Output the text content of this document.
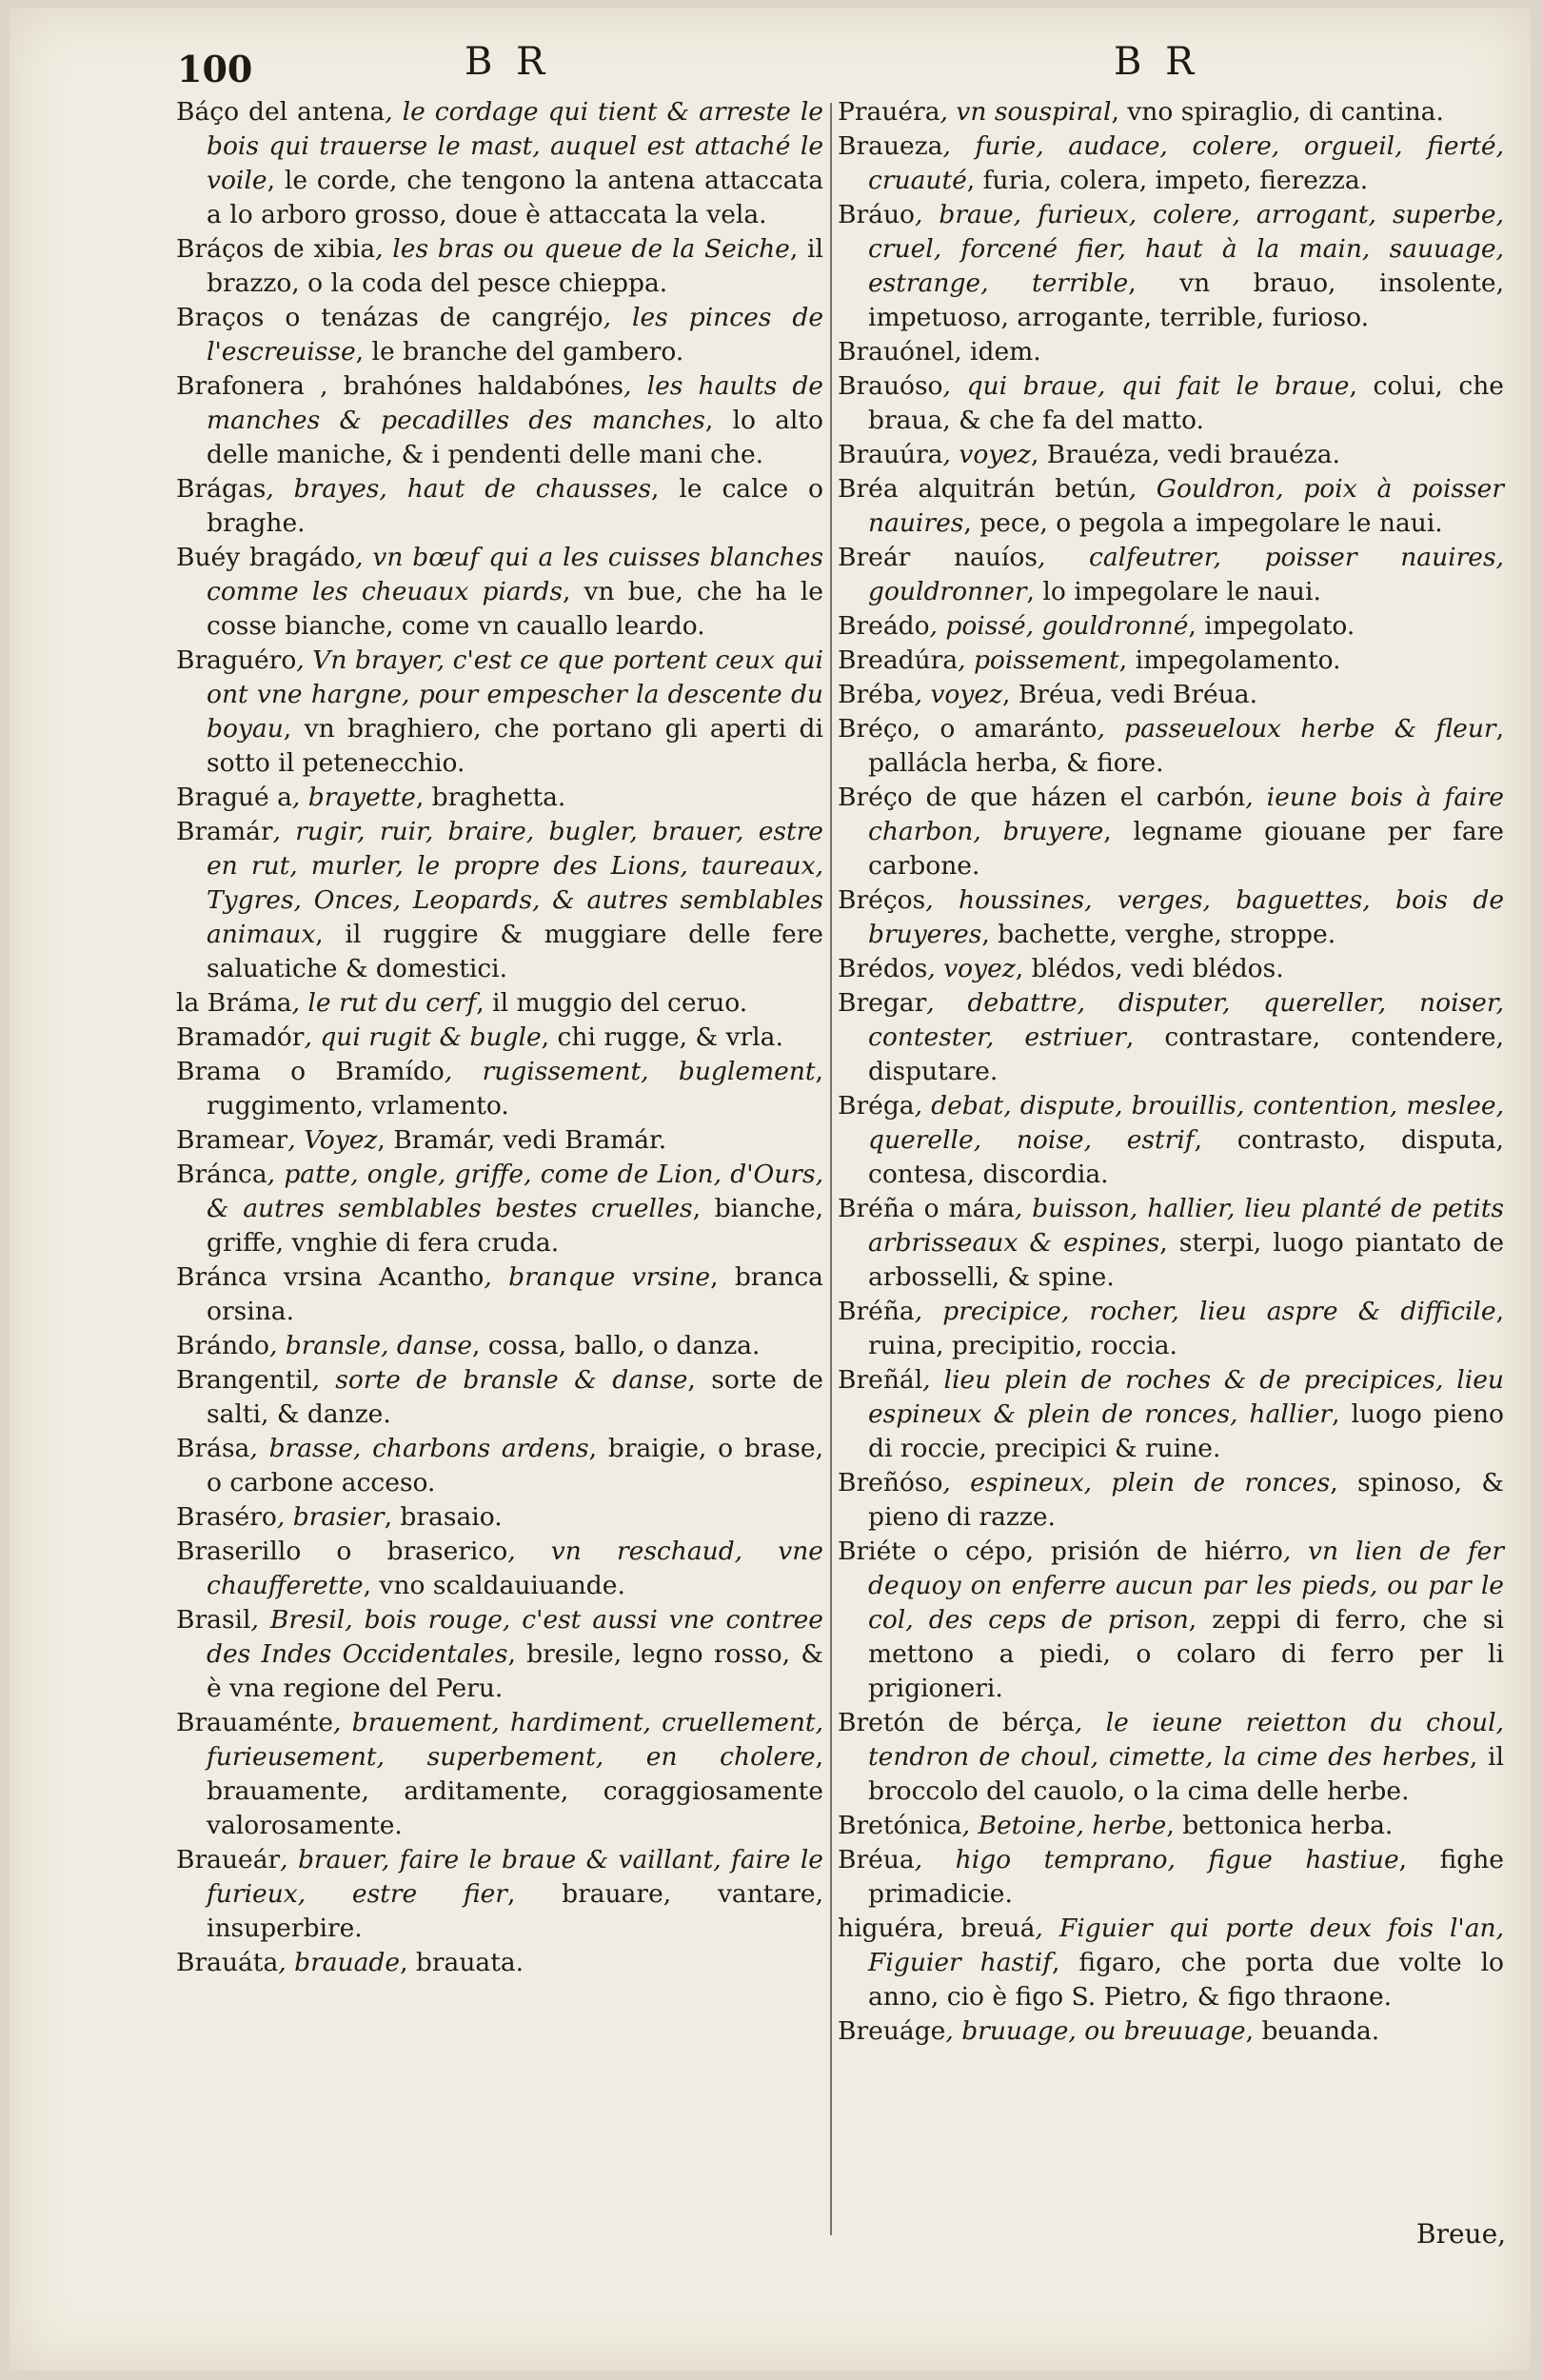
100	B R	B R
Báço del antena, le cordage qui tient & arreste le bois qui trauerse le mast, auquel est attaché le voile, le corde, che tengono la antena attaccata a lo arboro grosso, doue è attaccata la vela.
Bráços de xibia, les bras ou queue de la Seiche, il brazzo, o la coda del pesce chieppa.
Braços o tenázas de cangréjo, les pinces de l'escreuisse, le branche del gambero.
Brafonera , brahónes haldabónes, les haults de manches & pecadilles des manches, lo alto delle maniche, & i pendenti delle mani che.
Brágas, brayes, haut de chausses, le calce o braghe.
Buéy bragádo, vn bœuf qui a les cuisses blanches comme les cheuaux piards, vn bue, che ha le cosse bianche, come vn cauallo leardo.
Braguéro, Vn brayer, c'est ce que portent ceux qui ont vne hargne, pour empescher la descente du boyau, vn braghiero, che portano gli aperti di sotto il petenecchio.
Bragué a, brayette, braghetta.
Bramár, rugir, ruir, braire, bugler, brauer, estre en rut, murler, le propre des Lions, taureaux, Tygres, Onces, Leopards, & autres semblables animaux, il ruggire & muggiare delle fere saluatiche & domestici.
la Bráma, le rut du cerf, il muggio del ceruo.
Bramadór, qui rugit & bugle, chi rugge, & vrla.
Brama o Bramído, rugissement, buglement, ruggimento, vrlamento.
Bramear, Voyez, Bramár, vedi Bramár.
Bránca, patte, ongle, griffe, come de Lion, d'Ours, & autres semblables bestes cruelles, bianche, griffe, vnghie di fera cruda.
Bránca vrsina Acantho, branque vrsine, branca orsina.
Brándo, bransle, danse, cossa, ballo, o danza.
Brangentil, sorte de bransle & danse, sorte de salti, & danze.
Brása, brasse, charbons ardens, braigie, o brase, o carbone acceso.
Braséro, brasier, brasaio.
Braserillo o braserico, vn reschaud, vne chaufferette, vno scaldauiuande.
Brasil, Bresil, bois rouge, c'est aussi vne contree des Indes Occidentales, bresile, legno rosso, & è vna regione del Peru.
Brauaménte, brauement, hardiment, cruellement, furieusement, superbement, en cholere, brauamente, arditamente, coraggiosamente valorosamente.
Braueár, brauer, faire le braue & vaillant, faire le furieux, estre fier, brauare, vantare, insuperbire.
Brauáta, brauade, brauata.
Prauéra, vn souspiral, vno spiraglio, di cantina.
Braueza, furie, audace, colere, orgueil, fierté, cruauté, furia, colera, impeto, fierezza.
Bráuo, braue, furieux, colere, arrogant, superbe, cruel, forcené fier, haut à la main, sauuage, estrange, terrible, vn brauo, insolente, impetuoso, arrogante, terrible, furioso.
Brauónel, idem.
Brauóso, qui braue, qui fait le braue, colui, che braua, & che fa del matto.
Brauúra, voyez, Brauéza, vedi brauéza.
Bréa alquitrán betún, Gouldron, poix à poisser nauires, pece, o pegola a impegolare le naui.
Breár nauíos, calfeutrer, poisser nauires, gouldronner, lo impegolare le naui.
Breádo, poissé, gouldronné, impegolato.
Breadúra, poissement, impegolamento.
Bréba, voyez, Bréua, vedi Bréua.
Bréço, o amaránto, passeueloux herbe & fleur, pallácla herba, & fiore.
Bréço de que házen el carbón, ieune bois à faire charbon, bruyere, legname giouane per fare carbone.
Bréços, houssines, verges, baguettes, bois de bruyeres, bachette, verghe, stroppe.
Brédos, voyez, blédos, vedi blédos.
Bregar, debattre, disputer, quereller, noiser, contester, estriuer, contrastare, contendere, disputare.
Bréga, debat, dispute, brouillis, contention, meslee, querelle, noise, estrif, contrasto, disputa, contesa, discordia.
Bréña o mára, buisson, hallier, lieu planté de petits arbrisseaux & espines, sterpi, luogo piantato de arbosselli, & spine.
Bréña, precipice, rocher, lieu aspre & difficile, ruina, precipitio, roccia.
Breñál, lieu plein de roches & de precipices, lieu espineux & plein de ronces, hallier, luogo pieno di roccie, precipici & ruine.
Breñóso, espineux, plein de ronces, spinoso, & pieno di razze.
Briéte o cépo, prisión de hiérro, vn lien de fer dequoy on enferre aucun par les pieds, ou par le col, des ceps de prison, zeppi di ferro, che si mettono a piedi, o colaro di ferro per li prigioneri.
Bretón de bérça, le ieune reietton du choul, tendron de choul, cimette, la cime des herbes, il broccolo del cauolo, o la cima delle herbe.
Bretónica, Betoine, herbe, bettonica herba.
Bréua, higo temprano, figue hastiue, fighe primadicie.
higuéra, breuá, Figuier qui porte deux fois l'an, Figuier hastif, figaro, che porta due volte lo anno, cio è figo S. Pietro, & figo thraone.
Breuáge, bruuage, ou breuuage, beuanda.
Breue,
